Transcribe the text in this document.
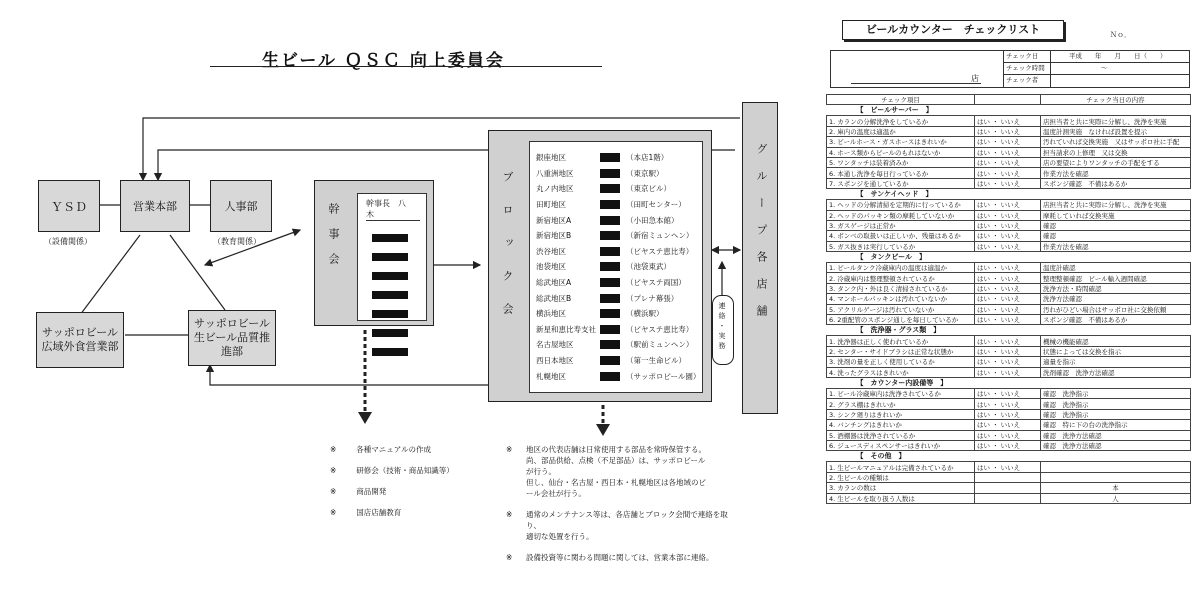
生ビール ＱＳＣ 向上委員会
ＹＳＤ
（設備関係）
営業本部	人事部
（教育関係）
サッポロビール
広域外食営業部
サッポロビール
生ビール品質推進部
幹事会	幹事長　八　木
	ブロック会
銀座地区	（本店1階）
八重洲地区	（東京駅）
丸ノ内地区	（東京ビル）
田町地区	（田町センター）
新宿地区A	（小田急本館）
新宿地区B	（新宿ミュンヘン）
渋谷地区	（ビヤステ恵比寿）
池袋地区	（池袋東武）
総武地区A	（ビヤステ両国）
総武地区B	（プレナ幕張）
横浜地区	（横浜駅）
新星和恵比寿支社	（ビヤステ恵比寿）
名古屋地区	（駅前ミュンヘン）
西日本地区	（第一生命ビル）
札幌地区	（サッポロビール園）
グループ各店舗
連絡・実務
※	各種マニュアルの作成
※	研修会（技術・商品知識等）
※	商品開発
※	国店店舗教育
※	地区の代表店舗は日常使用する部品を常時保管する。
尚、部品供給、点検（不足部品）は、サッポロビール
が行う。
但し、仙台・名古屋・西日本・札幌地区は各地域のビ
ール会社が行う。
※	通常のメンテナンス等は、各店舗とブロック会間で連絡を取り、
適切な処置を行う。
※	設備投資等に関わる問題に関しては、営業本部に連絡。
ビールカウンター　チェックリスト	Ｎｏ．
店
チェック日	平成　　年　　月　　日（　　）
チェック時間	〜
チェック者
チェック項目		チェック当日の内容
【　ビールサーバー　】		
1. カランの分解洗浄をしているか	はい ・ いいえ	店担当者と共に実際に分解し、洗浄を実施
2. 庫内の温度は適温か	はい ・ いいえ	温度計測実施　なければ設置を提示
3. ビールホース・ガスホースはきれいか	はい ・ いいえ	汚れていれば交換実施　又はサッポロ社に手配
4. ホース類からビールのもれはないか	はい ・ いいえ	担当請求の上修理　又は交換
5. ワンタッチは装着済みか	はい ・ いいえ	店の要望によりワンタッチの手配をする
6. 本通し洗浄を毎日行っているか	はい ・ いいえ	作業方法を確認
7. スポンジを通しているか	はい ・ いいえ	スポンジ確認　不備はあるか
【　サンケイヘッド　】		
1. ヘッドの分解清掃を定期的に行っているか	はい ・ いいえ	店担当者と共に実際に分解し、洗浄を実施
2. ヘッドのパッキン類の摩耗していないか	はい ・ いいえ	摩耗していれば交換実施
3. ガスゲージは正常か	はい ・ いいえ	確認
4. ボンベの取扱いは正しいか、残量はあるか	はい ・ いいえ	確認
5. ガス抜きは実行しているか	はい ・ いいえ	作業方法を確認
【　タンクビール　】		
1. ビールタンク冷蔵庫内の温度は適温か	はい ・ いいえ	温度計確認
2. 冷蔵庫内は整理整頓されているか	はい ・ いいえ	整理整頓確認　ビール輸入週間確認
3. タンク内・外は良く清掃されているか	はい ・ いいえ	洗浄方法・時間確認
4. マンホールパッキンは汚れていないか	はい ・ いいえ	洗浄方法確認
5. アクリルゲージは汚れていないか	はい ・ いいえ	汚れがひどい場合はサッポロ社に交換依頼
6. 2重配管のスポンジ通しを毎日しているか	はい ・ いいえ	スポンジ確認　不備はあるか
【　洗浄器・グラス類　】		
1. 洗浄器は正しく使われているか	はい ・ いいえ	機械の機能確認
2. センター・サイドブラシは正常な状態か	はい ・ いいえ	状態によっては交換を指示
3. 洗剤の量を正しく使用しているか	はい ・ いいえ	適量を指示
4. 洗ったグラスはきれいか	はい ・ いいえ	洗剤確認　洗浄方法確認
【　カウンター内設備等　】		
1. ビール冷蔵庫内は洗浄されているか	はい ・ いいえ	確認　洗浄指示
2. グラス棚はきれいか	はい ・ いいえ	確認　洗浄指示
3. シンク廻りはきれいか	はい ・ いいえ	確認　洗浄指示
4. バンチングはきれいか	はい ・ いいえ	確認　特に下の台の洗浄指示
5. 酒棚器は洗浄されているか	はい ・ いいえ	確認　洗浄方法確認
6. ジュースディスペンサーはきれいか	はい ・ いいえ	確認　洗浄方法確認
【　その他　】		
1. 生ビールマニュアルは完備されているか	はい ・ いいえ	
2. 生ビールの種類は		
3. カランの数は		本
4. 生ビールを取り扱う人数は		人
